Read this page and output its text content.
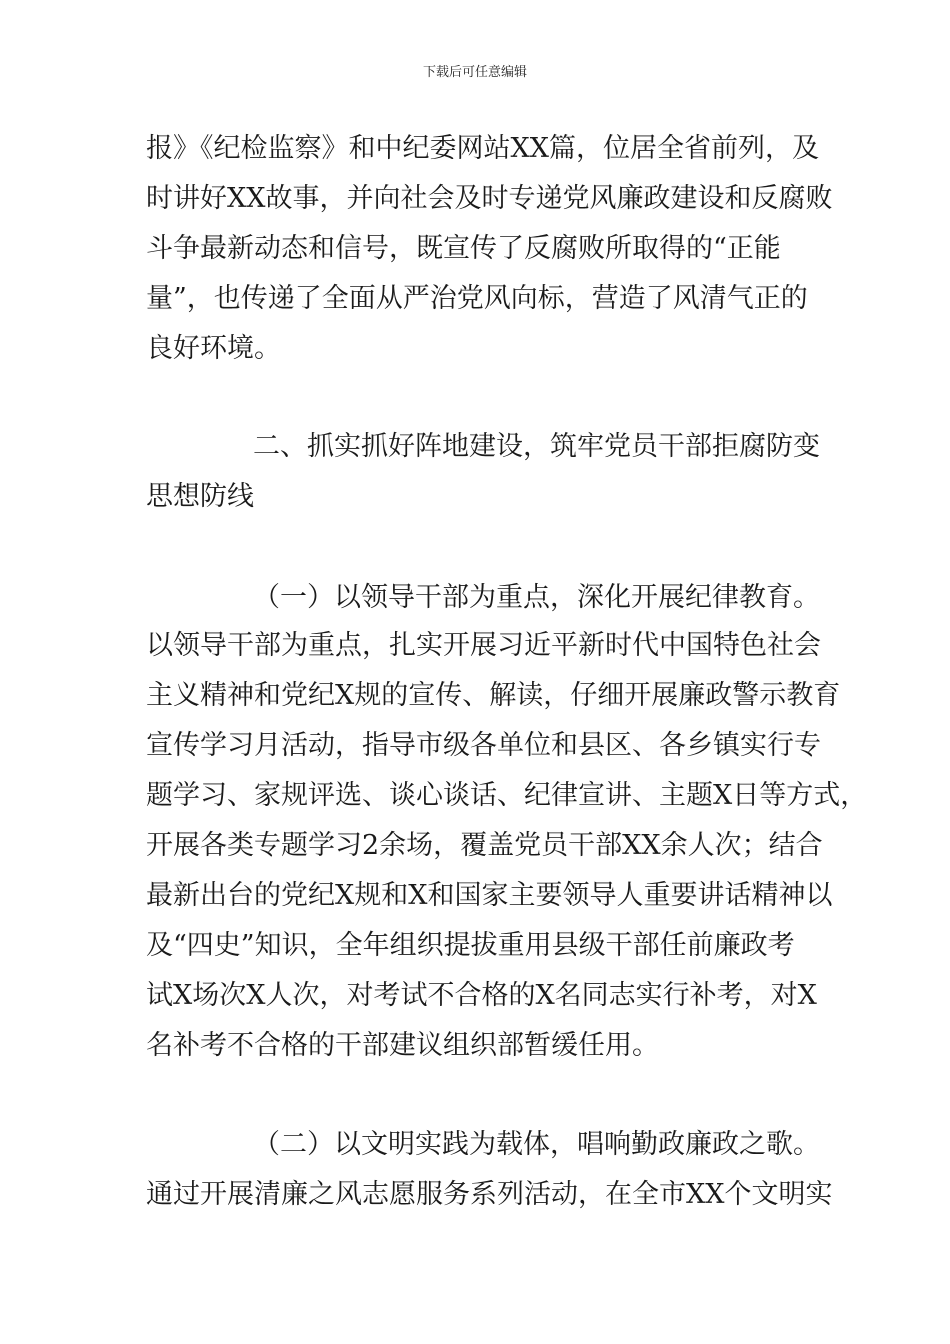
下载后可任意编辑
报》《纪检监察》和中纪委网站XX篇，位居全省前列，及
时讲好XX故事，并向社会及时专递党风廉政建设和反腐败
斗争最新动态和信号，既宣传了反腐败所取得的“正能
量”，也传递了全面从严治党风向标，营造了风清气正的
良好环境。
二、抓实抓好阵地建设，筑牢党员干部拒腐防变
思想防线
（一）以领导干部为重点，深化开展纪律教育。
以领导干部为重点，扎实开展习近平新时代中国特色社会
主义精神和党纪X规的宣传、解读，仔细开展廉政警示教育
宣传学习月活动，指导市级各单位和县区、各乡镇实行专
题学习、家规评选、谈心谈话、纪律宣讲、主题X日等方式，
开展各类专题学习2余场，覆盖党员干部XX余人次；结合
最新出台的党纪X规和X和国家主要领导人重要讲话精神以
及“四史”知识，全年组织提拔重用县级干部任前廉政考
试X场次X人次，对考试不合格的X名同志实行补考，对X
名补考不合格的干部建议组织部暂缓任用。
（二）以文明实践为载体，唱响勤政廉政之歌。
通过开展清廉之风志愿服务系列活动，在全市XX个文明实
